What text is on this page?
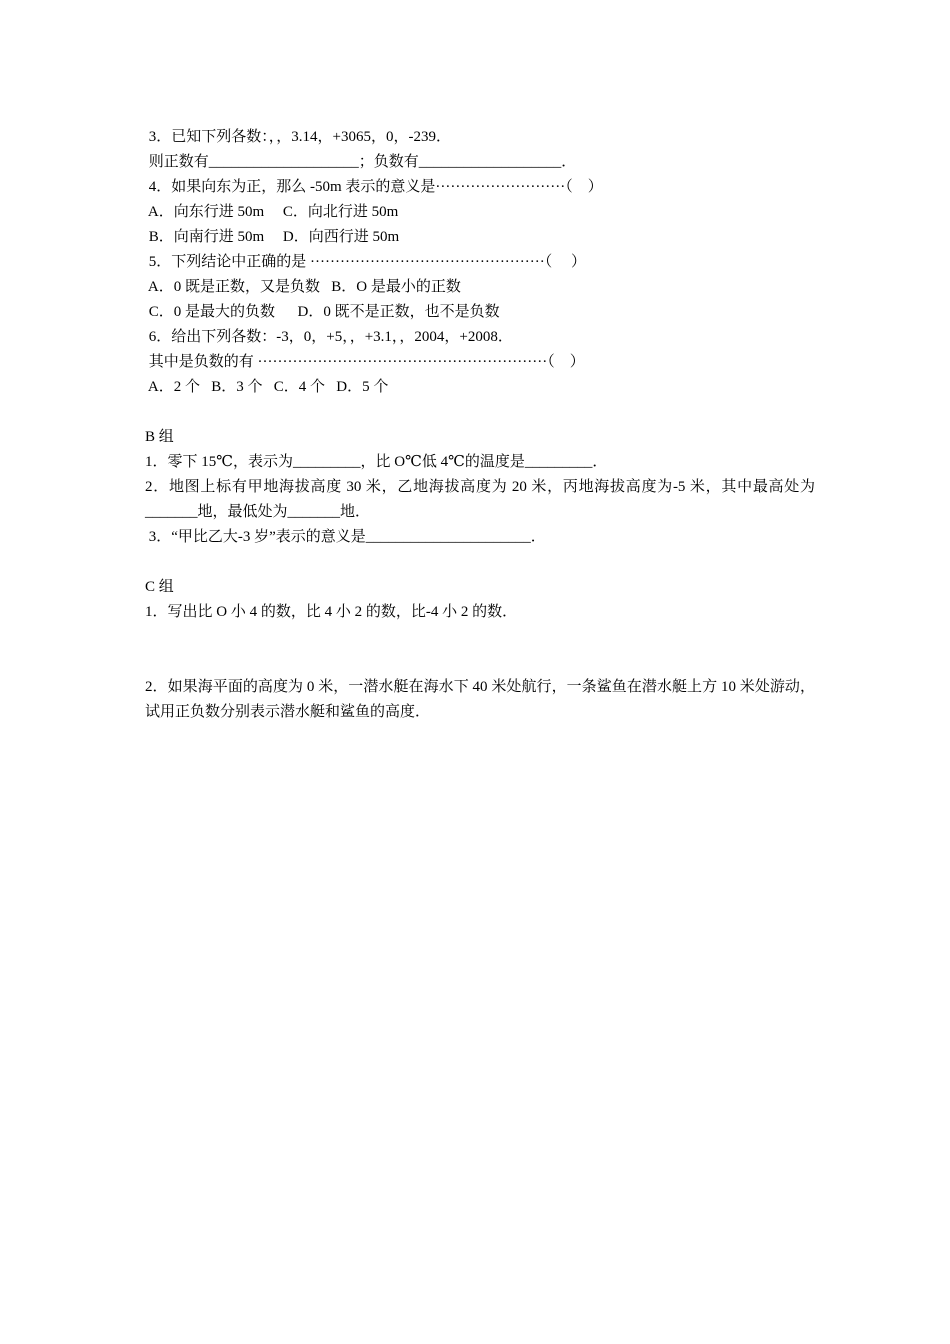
3．已知下列各数：，，3.14，+3065，0，-239．
则正数有____________________；负数有___________________．
4．如果向东为正，那么 -50m 表示的意义是··························（    ）
A．向东行进 50m     C．向北行进 50m
B．向南行进 50m     D．向西行进 50m
5．下列结论中正确的是 ···············································（     ）
A．0 既是正数，又是负数   B．O 是最小的正数
C．0 是最大的负数      D．0 既不是正数，也不是负数
6．给出下列各数：-3，0，+5，，+3.1，，2004，+2008．
其中是负数的有 ··························································（    ）
A．2 个   B．3 个   C．4 个   D．5 个
B 组
1．零下 15℃，表示为_________，比 O℃低 4℃的温度是_________．
2．地图上标有甲地海拔高度 30 米，乙地海拔高度为 20 米，丙地海拔高度为-5 米，其中最高处为_______地，最低处为_______地．
3．“甲比乙大-3 岁”表示的意义是______________________．
C 组
1．写出比 O 小 4 的数，比 4 小 2 的数，比-4 小 2 的数．
2．如果海平面的高度为 0 米，一潜水艇在海水下 40 米处航行，一条鲨鱼在潜水艇上方 10 米处游动，试用正负数分别表示潜水艇和鲨鱼的高度．
